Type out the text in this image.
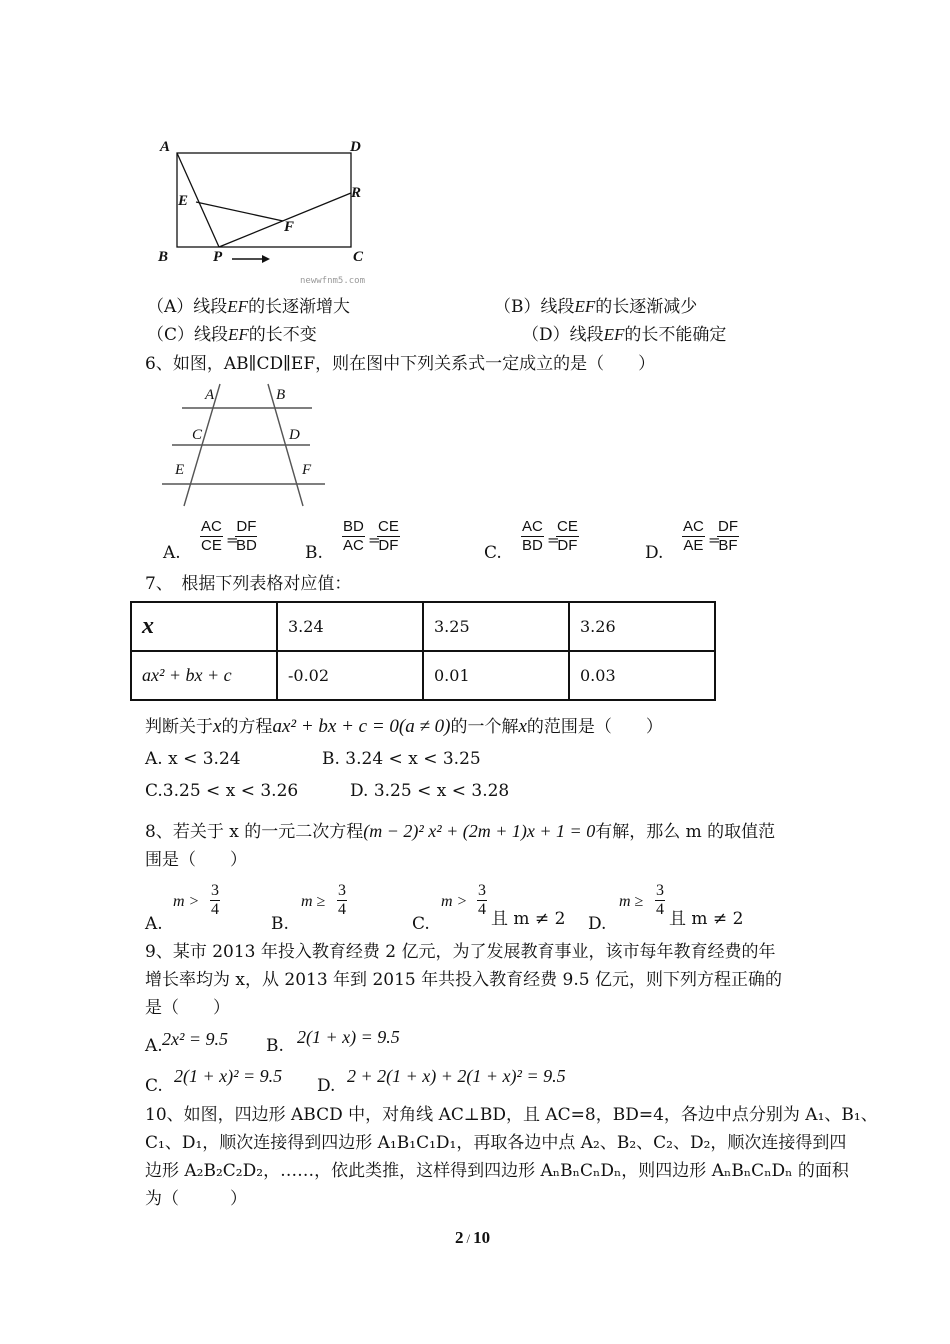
A	D
R
E
F
B	P	C
newwfnm5.com
（A）线段EF的长逐渐增大	（B）线段EF的长逐渐减少
（C）线段EF的长不变	（D）线段EF的长不能确定
6、如图，AB∥CD∥EF，则在图中下列关系式一定成立的是（　　）
A	B
C	D
E	F
A. $\frac{AC}{CE}$ =
$\frac{DF}{BD}$	B. $\frac{BD}{AC}$ =
$\frac{CE}{DF}$	C. $\frac{AC}{BD}$ =
$\frac{CE}{DF}$	D. $\frac{AC}{AE}$ =
$\frac{DF}{BF}$
7、　根据下列表格对应值：
x	3.24	3.25	3.26
ax² + bx + c	-0.02	0.01	0.03
判断关于x的方程ax² + bx + c = 0(a ≠ 0)的一个解x的范围是（　　）
A. x < 3.24	B. 3.24 < x < 3.25
C.3.25 < x < 3.26	D. 3.25 < x < 3.28
8、若关于 x 的一元二次方程(m − 2)² x² + (2m + 1)x + 1 = 0有解，那么 m 的取值范
围是（　　）
A.
$m > \frac{3}{4}$
B.
$m \ge \frac{3}{4}$
C.
$m > \frac{3}{4}$ 且 m ≠ 2 D.
$m \ge \frac{3}{4}$ 且 m ≠ 2
9、某市 2013 年投入教育经费 2 亿元，为了发展教育事业，该市每年教育经费的年
增长率均为 x，从 2013 年到 2015 年共投入教育经费 9.5 亿元，则下列方程正确的
是（　　）
A. 2x² = 9.5 B. 2(1 + x) = 9.5
C. 2(1 + x)² = 9.5 D. 2 + 2(1 + x) + 2(1 + x)² = 9.5
10、如图，四边形 ABCD 中，对角线 AC⊥BD，且 AC=8，BD=4，各边中点分别为 A₁、B₁、
C₁、D₁，顺次连接得到四边形 A₁B₁C₁D₁，再取各边中点 A₂、B₂、C₂、D₂，顺次连接得到四
边形 A₂B₂C₂D₂，……，依此类推，这样得到四边形 AₙBₙCₙDₙ，则四边形 AₙBₙCₙDₙ 的面积
为（　　　）
2 / 10
